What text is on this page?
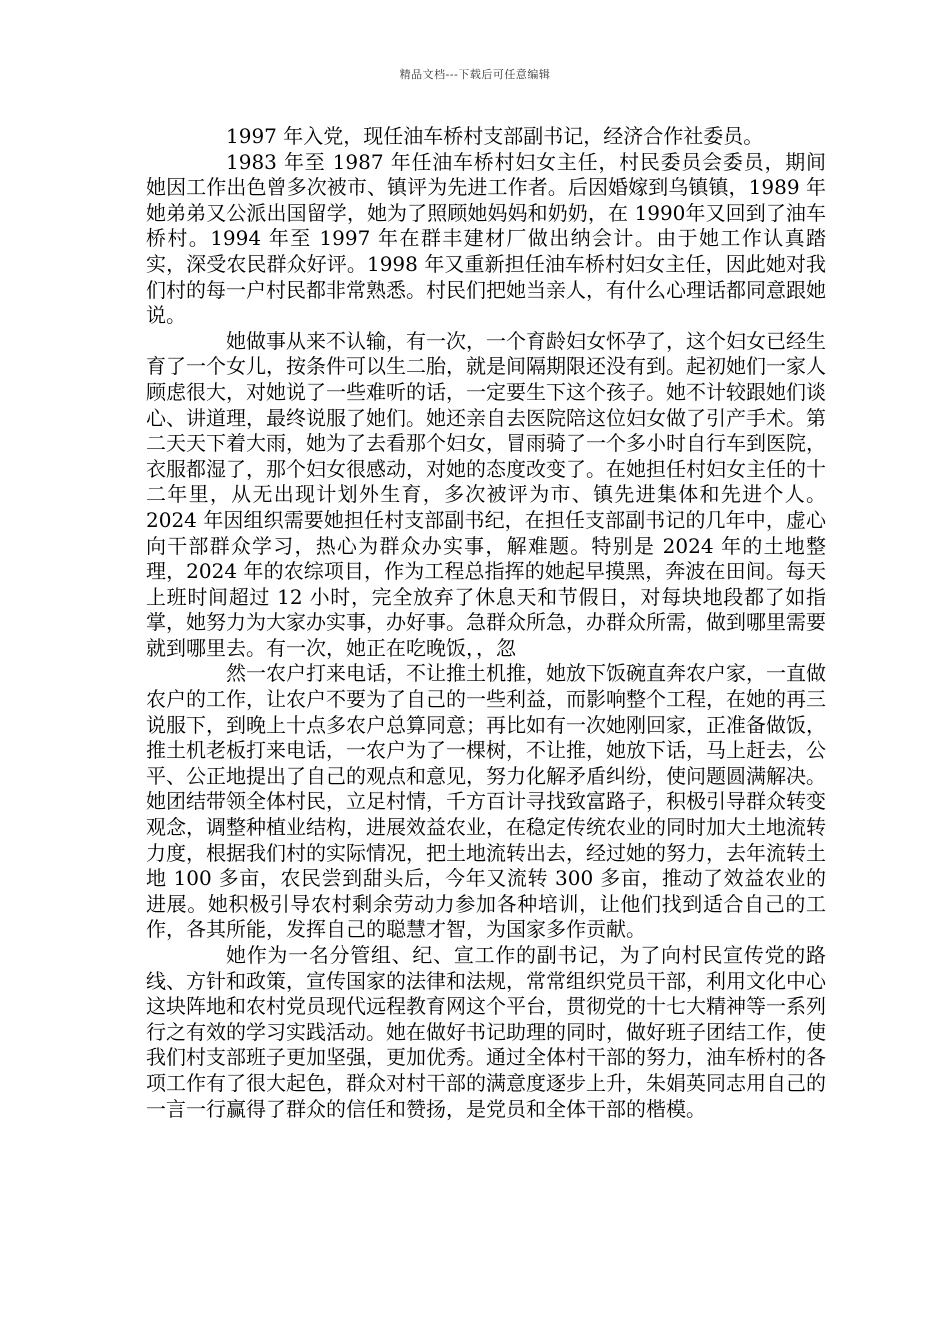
精品文档---下载后可任意编辑

1997 年入党，现任油车桥村支部副书记，经济合作社委员。

1983 年至 1987 年任油车桥村妇女主任，村民委员会委员，期间她因工作出色曾多次被市、镇评为先进工作者。后因婚嫁到乌镇镇，1989 年她弟弟又公派出国留学，她为了照顾她妈妈和奶奶，在 1990年又回到了油车桥村。1994 年至 1997 年在群丰建材厂做出纳会计。由于她工作认真踏实，深受农民群众好评。1998 年又重新担任油车桥村妇女主任，因此她对我们村的每一户村民都非常熟悉。村民们把她当亲人，有什么心理话都同意跟她说。

她做事从来不认输，有一次，一个育龄妇女怀孕了，这个妇女已经生育了一个女儿，按条件可以生二胎，就是间隔期限还没有到。起初她们一家人顾虑很大，对她说了一些难听的话，一定要生下这个孩子。她不计较跟她们谈心、讲道理，最终说服了她们。她还亲自去医院陪这位妇女做了引产手术。第二天天下着大雨，她为了去看那个妇女，冒雨骑了一个多小时自行车到医院，衣服都湿了，那个妇女很感动，对她的态度改变了。在她担任村妇女主任的十二年里，从无出现计划外生育，多次被评为市、镇先进集体和先进个人。2024 年因组织需要她担任村支部副书纪，在担任支部副书记的几年中，虚心向干部群众学习，热心为群众办实事，解难题。特别是 2024 年的土地整理，2024 年的农综项目，作为工程总指挥的她起早摸黑，奔波在田间。每天上班时间超过 12 小时，完全放弃了休息天和节假日，对每块地段都了如指掌，她努力为大家办实事，办好事。急群众所急，办群众所需，做到哪里需要就到哪里去。有一次，她正在吃晚饭，，忽

然一农户打来电话，不让推土机推，她放下饭碗直奔农户家，一直做农户的工作，让农户不要为了自己的一些利益，而影响整个工程，在她的再三说服下，到晚上十点多农户总算同意；再比如有一次她刚回家，正准备做饭，推土机老板打来电话，一农户为了一棵树，不让推，她放下话，马上赶去，公平、公正地提出了自己的观点和意见，努力化解矛盾纠纷，使问题圆满解决。她团结带领全体村民，立足村情，千方百计寻找致富路子，积极引导群众转变观念，调整种植业结构，进展效益农业，在稳定传统农业的同时加大土地流转力度，根据我们村的实际情况，把土地流转出去，经过她的努力，去年流转土地 100 多亩，农民尝到甜头后，今年又流转 300 多亩，推动了效益农业的进展。她积极引导农村剩余劳动力参加各种培训，让他们找到适合自己的工作，各其所能，发挥自己的聪慧才智，为国家多作贡献。

她作为一名分管组、纪、宣工作的副书记，为了向村民宣传党的路线、方针和政策，宣传国家的法律和法规，常常组织党员干部，利用文化中心这块阵地和农村党员现代远程教育网这个平台，贯彻党的十七大精神等一系列行之有效的学习实践活动。她在做好书记助理的同时，做好班子团结工作，使我们村支部班子更加坚强，更加优秀。通过全体村干部的努力，油车桥村的各项工作有了很大起色，群众对村干部的满意度逐步上升，朱娟英同志用自己的一言一行赢得了群众的信任和赞扬，是党员和全体干部的楷模。
